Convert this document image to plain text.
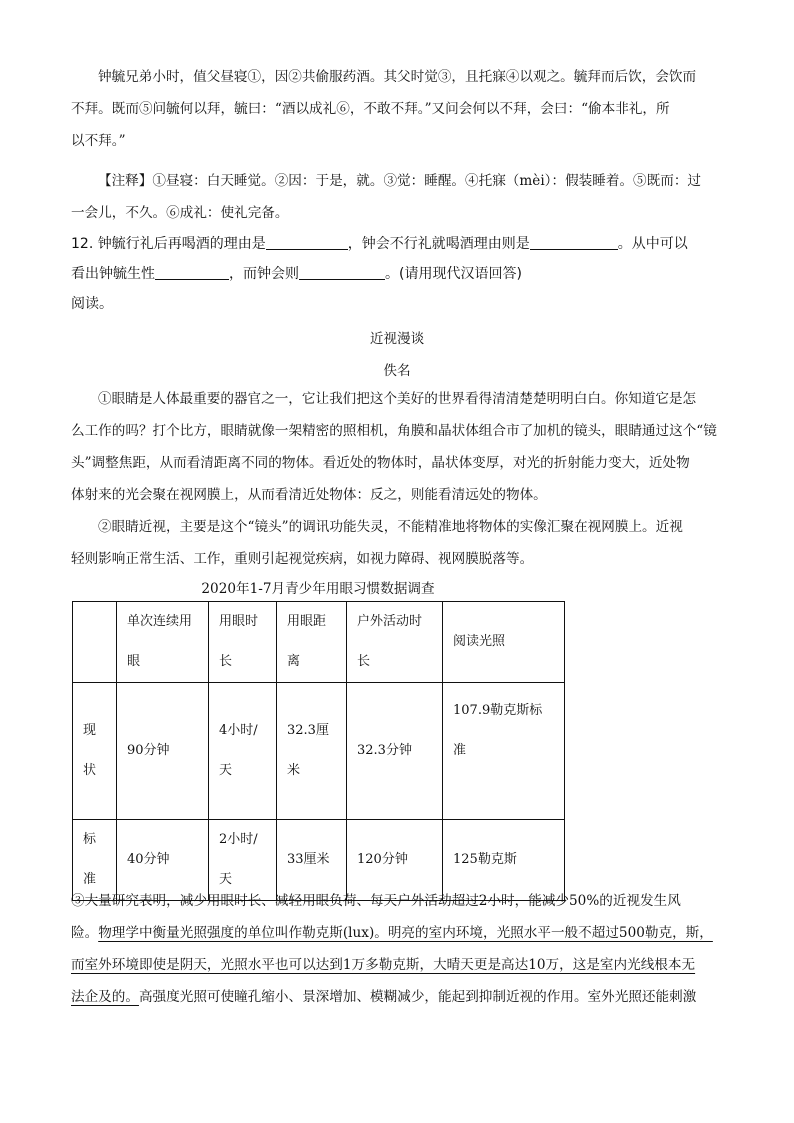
钟毓兄弟小时，值父昼寝①，因②共偷服药酒。其父时觉③，且托寐④以观之。毓拜而后饮，会饮而

不拜。既而⑤问毓何以拜，毓曰：“酒以成礼⑥，不敢不拜。”又问会何以不拜，会曰：“偷本非礼，所

以不拜。”

【注释】①昼寝：白天睡觉。②因：于是，就。③觉：睡醒。④托寐（mèi）：假装睡着。⑤既而：过

一会儿，不久。⑥成礼：使礼完备。

12. 钟毓行礼后再喝酒的理由是	，钟会不行礼就喝酒理由则是	。从中可以
看出钟毓生性	，而钟会则	。(请用现代汉语回答)
阅读。

近视漫谈

佚名

①眼睛是人体最重要的器官之一，它让我们把这个美好的世界看得清清楚楚明明白白。你知道它是怎

么工作的吗？打个比方，眼睛就像一架精密的照相机，角膜和晶状体组合市了加机的镜头，眼睛通过这个“镜

头”调整焦距，从而看清距离不同的物体。看近处的物体时，晶状体变厚，对光的折射能力变大，近处物

体射来的光会聚在视网膜上，从而看清近处物体：反之，则能看清远处的物体。

②眼睛近视，主要是这个“镜头”的调讯功能失灵，不能精准地将物体的实像汇聚在视网膜上。近视

轻则影响正常生活、工作，重则引起视觉疾病，如视力障碍、视网膜脱落等。

2020年1-7月青少年用眼习惯数据调查

	单次连续用眼	用眼时长	用眼距离	户外活动时长	阅读光照
现状	90分钟	4小时/天	32.3厘米	32.3分钟	107.9勒克斯标准
标准	40分钟	2小时/天	33厘米	120分钟	125勒克斯

③大量研究表明，减少用眼时长、减轻用眼负荷、每天户外活动超过2小时，能减少50%的近视发生风

险。物理学中衡量光照强度的单位叫作勒克斯(lux)。明亮的室内环境，光照水平一般不超过500勒克，斯，

而室外环境即使是阴天，光照水平也可以达到1万多勒克斯，大晴天更是高达10万，这是室内光线根本无

法企及的。高强度光照可使瞳孔缩小、景深增加、模糊减少，能起到抑制近视的作用。室外光照还能刺激
